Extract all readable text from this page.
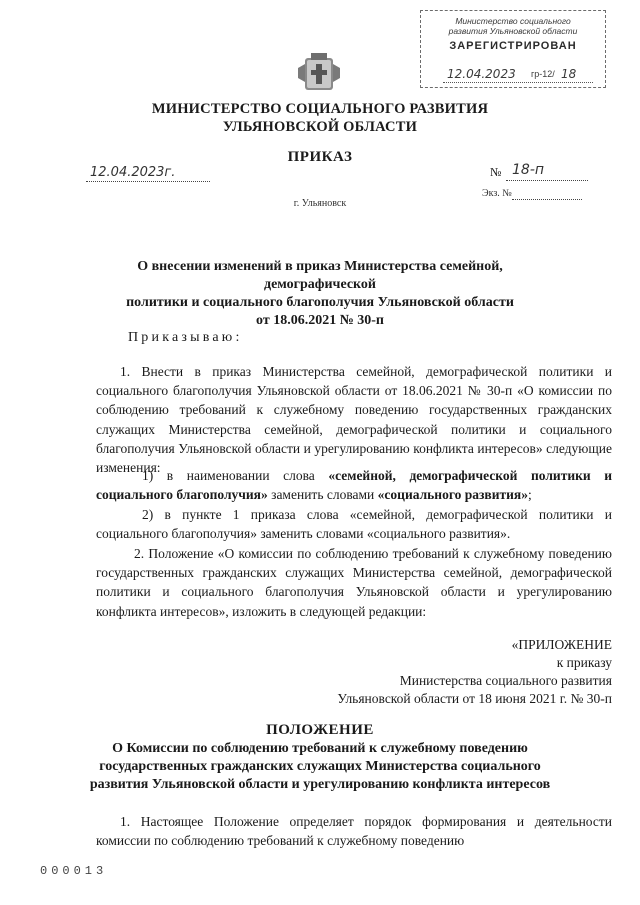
Министерство социального
развития Ульяновской области
ЗАРЕГИСТРИРОВАН
12.04.2023 гр-12/ 18
МИНИСТЕРСТВО СОЦИАЛЬНОГО РАЗВИТИЯ
УЛЬЯНОВСКОЙ ОБЛАСТИ
ПРИКАЗ
12.04.2023г.	№ 18-п
Экз. №
г. Ульяновск
О внесении изменений в приказ Министерства семейной, демографической
политики и социального благополучия Ульяновской области
от 18.06.2021 № 30-п
Приказываю:
1. Внести в приказ Министерства семейной, демографической политики и социального благополучия Ульяновской области от 18.06.2021 № 30-п «О комиссии по соблюдению требований к служебному поведению государственных гражданских служащих Министерства семейной, демографической политики и социального благополучия Ульяновской области и урегулированию конфликта интересов» следующие изменения:
1) в наименовании слова «семейной, демографической политики и социального благополучия» заменить словами «социального развития»;
2) в пункте 1 приказа слова «семейной, демографической политики и социального благополучия» заменить словами «социального развития».
2. Положение «О комиссии по соблюдению требований к служебному поведению государственных гражданских служащих Министерства семейной, демографической политики и социального благополучия Ульяновской области и урегулированию конфликта интересов», изложить в следующей редакции:
«ПРИЛОЖЕНИЕ
к приказу
Министерства социального развития
Ульяновской области от 18 июня 2021 г. № 30-п
ПОЛОЖЕНИЕ
О Комиссии по соблюдению требований к служебному поведению
государственных гражданских служащих Министерства социального
развития Ульяновской области и урегулированию конфликта интересов
1. Настоящее Положение определяет порядок формирования и деятельности комиссии по соблюдению требований к служебному поведению
000013
